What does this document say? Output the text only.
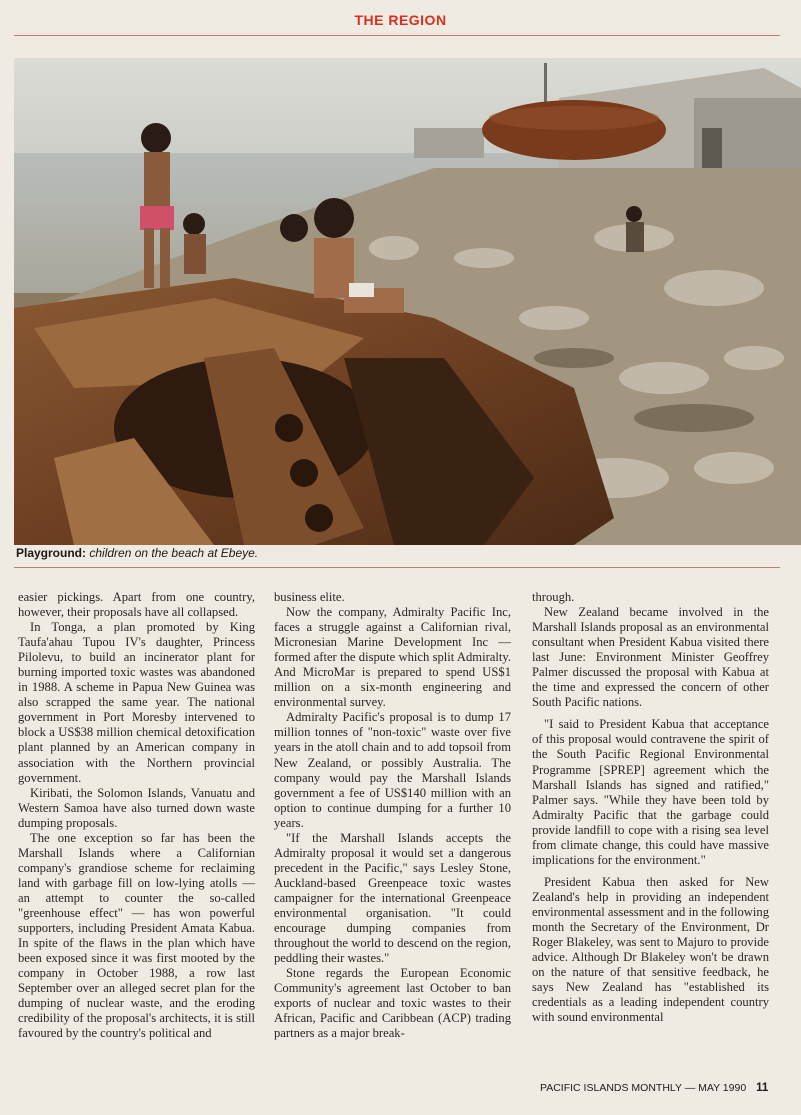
THE REGION
Playground: children on the beach at Ebeye.

easier pickings. Apart from one country, however, their proposals have all collapsed.

In Tonga, a plan promoted by King Taufa'ahau Tupou IV's daughter, Princess Pilolevu, to build an incinerator plant for burning imported toxic wastes was abandoned in 1988. A scheme in Papua New Guinea was also scrapped the same year. The national government in Port Moresby intervened to block a US$38 million chemical detoxification plant planned by an American company in association with the Northern provincial government.

Kiribati, the Solomon Islands, Vanuatu and Western Samoa have also turned down waste dumping proposals.

The one exception so far has been the Marshall Islands where a Californian company's grandiose scheme for reclaiming land with garbage fill on low-lying atolls — an attempt to counter the so-called "greenhouse effect" — has won powerful supporters, including President Amata Kabua. In spite of the flaws in the plan which have been exposed since it was first mooted by the company in October 1988, a row last September over an alleged secret plan for the dumping of nuclear waste, and the eroding credibility of the proposal's architects, it is still favoured by the country's political and

business elite.

Now the company, Admiralty Pacific Inc, faces a struggle against a Californian rival, Micronesian Marine Development Inc — formed after the dispute which split Admiralty. And MicroMar is prepared to spend US$1 million on a six-month engineering and environmental survey.

Admiralty Pacific's proposal is to dump 17 million tonnes of "non-toxic" waste over five years in the atoll chain and to add topsoil from New Zealand, or possibly Australia. The company would pay the Marshall Islands government a fee of US$140 million with an option to continue dumping for a further 10 years.

"If the Marshall Islands accepts the Admiralty proposal it would set a dangerous precedent in the Pacific," says Lesley Stone, Auckland-based Greenpeace toxic wastes campaigner for the international Greenpeace environmental organisation. "It could encourage dumping companies from throughout the world to descend on the region, peddling their wastes."

Stone regards the European Economic Community's agreement last October to ban exports of nuclear and toxic wastes to their African, Pacific and Caribbean (ACP) trading partners as a major break-

through.

New Zealand became involved in the Marshall Islands proposal as an environmental consultant when President Kabua visited there last June: Environment Minister Geoffrey Palmer discussed the proposal with Kabua at the time and expressed the concern of other South Pacific nations.

"I said to President Kabua that acceptance of this proposal would contravene the spirit of the South Pacific Regional Environmental Programme [SPREP] agreement which the Marshall Islands has signed and ratified," Palmer says. "While they have been told by Admiralty Pacific that the garbage could provide landfill to cope with a rising sea level from climate change, this could have massive implications for the environment."

President Kabua then asked for New Zealand's help in providing an independent environmental assessment and in the following month the Secretary of the Environment, Dr Roger Blakeley, was sent to Majuro to provide advice. Although Dr Blakeley won't be drawn on the nature of that sensitive feedback, he says New Zealand has "established its credentials as a leading independent country with sound environmental

PACIFIC ISLANDS MONTHLY — MAY 1990 11
